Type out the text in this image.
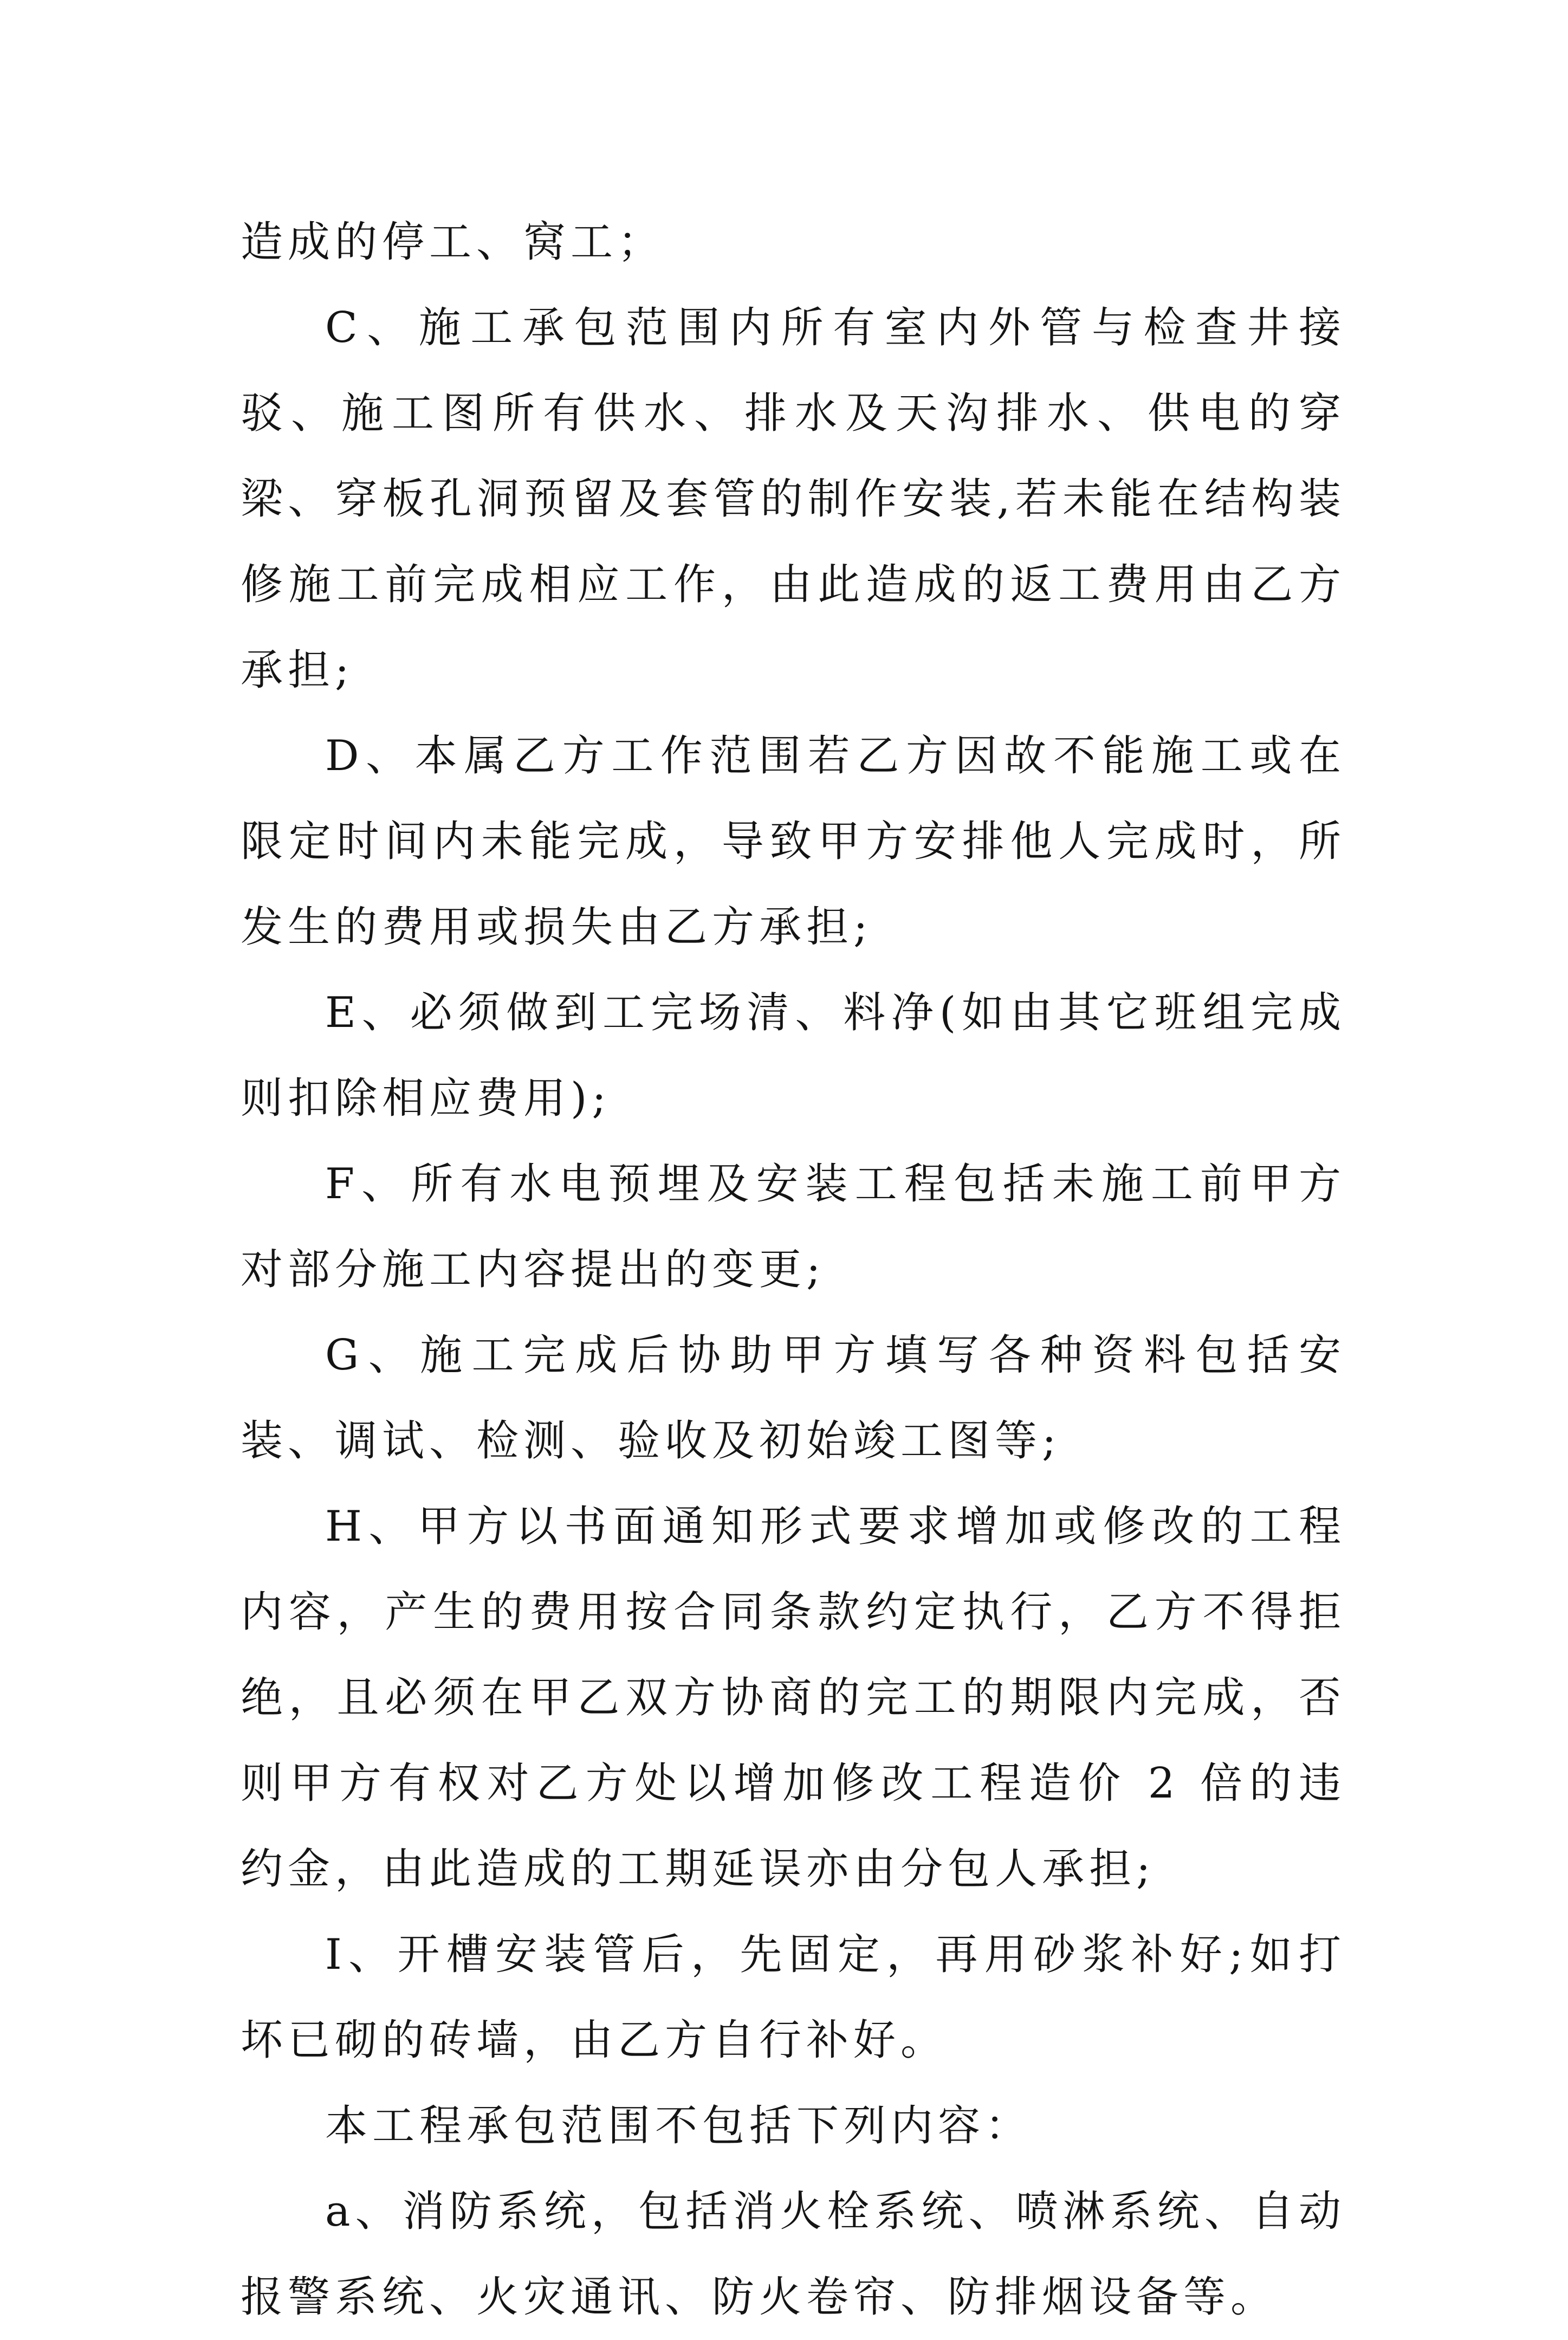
造成的停工、窝工；

C、施工承包范围内所有室内外管与检查井接驳、施工图所有供水、排水及天沟排水、供电的穿梁、穿板孔洞预留及套管的制作安装,若未能在结构装修施工前完成相应工作，由此造成的返工费用由乙方承担;

D、本属乙方工作范围若乙方因故不能施工或在限定时间内未能完成，导致甲方安排他人完成时，所发生的费用或损失由乙方承担;

E、必须做到工完场清、料净(如由其它班组完成则扣除相应费用);

F、所有水电预埋及安装工程包括未施工前甲方对部分施工内容提出的变更;

G、施工完成后协助甲方填写各种资料包括安装、调试、检测、验收及初始竣工图等;

H、甲方以书面通知形式要求增加或修改的工程内容，产生的费用按合同条款约定执行，乙方不得拒绝，且必须在甲乙双方协商的完工的期限内完成，否则甲方有权对乙方处以增加修改工程造价 2 倍的违约金，由此造成的工期延误亦由分包人承担;

I、开槽安装管后，先固定，再用砂浆补好;如打坏已砌的砖墙，由乙方自行补好。

本工程承包范围不包括下列内容：

a、消防系统，包括消火栓系统、喷淋系统、自动报警系统、火灾通讯、防火卷帘、防排烟设备等。
